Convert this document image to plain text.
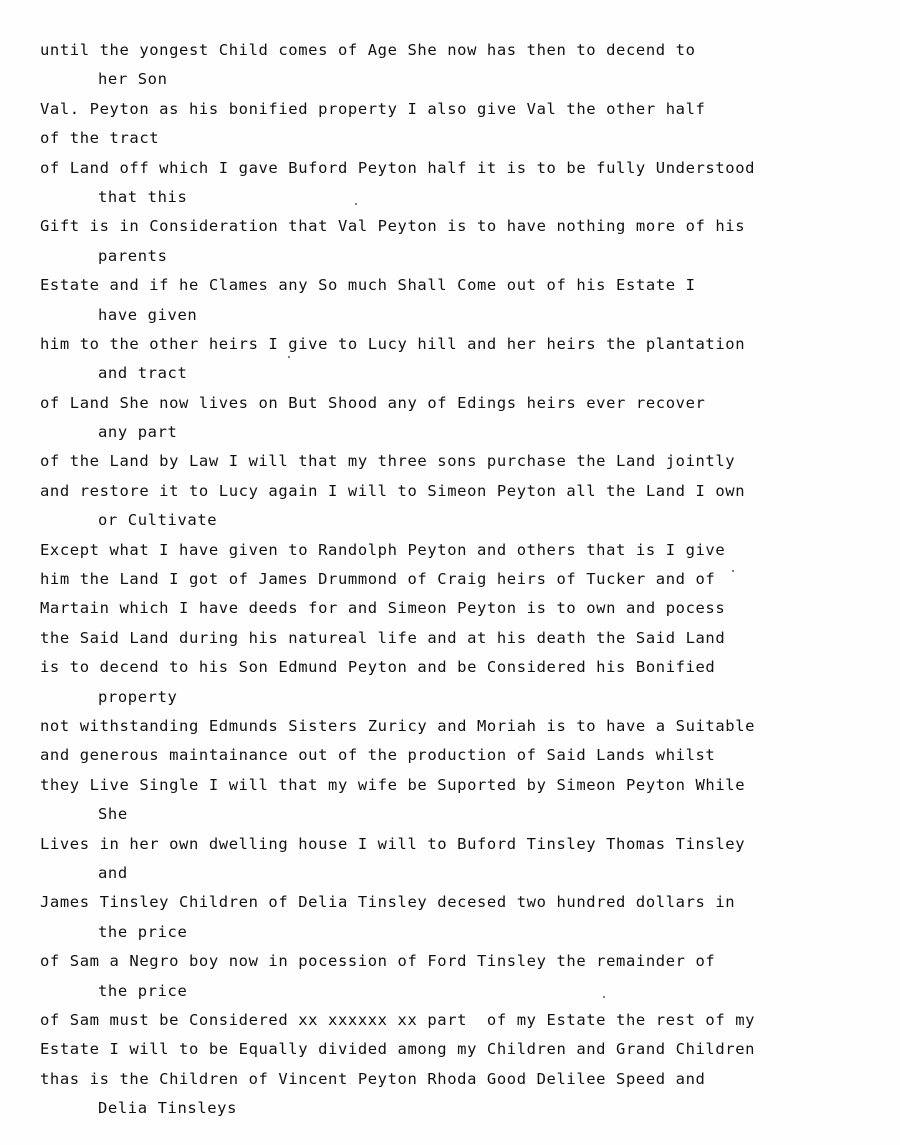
until the yongest Child comes of Age She now has then to decend to
her Son
Val. Peyton as his bonified property I also give Val the other half
of the tract
of Land off which I gave Buford Peyton half it is to be fully Understood
that this
Gift is in Consideration that Val Peyton is to have nothing more of his
parents
Estate and if he Clames any So much Shall Come out of his Estate I
have given
him to the other heirs I give to Lucy hill and her heirs the plantation
and tract
of Land She now lives on But Shood any of Edings heirs ever recover
any part
of the Land by Law I will that my three sons purchase the Land jointly
and restore it to Lucy again I will to Simeon Peyton all the Land I own
or Cultivate
Except what I have given to Randolph Peyton and others that is I give
him the Land I got of James Drummond of Craig heirs of Tucker and of
Martain which I have deeds for and Simeon Peyton is to own and pocess
the Said Land during his natureal life and at his death the Said Land
is to decend to his Son Edmund Peyton and be Considered his Bonified
property
not withstanding Edmunds Sisters Zuricy and Moriah is to have a Suitable
and generous maintainance out of the production of Said Lands whilst
they Live Single I will that my wife be Suported by Simeon Peyton While
She
Lives in her own dwelling house I will to Buford Tinsley Thomas Tinsley
and
James Tinsley Children of Delia Tinsley decesed two hundred dollars in
the price
of Sam a Negro boy now in pocession of Ford Tinsley the remainder of
the price
of Sam must be Considered xx xxxxxx xx part  of my Estate the rest of my
Estate I will to be Equally divided among my Children and Grand Children
thas is the Children of Vincent Peyton Rhoda Good Delilee Speed and
Delia Tinsleys
